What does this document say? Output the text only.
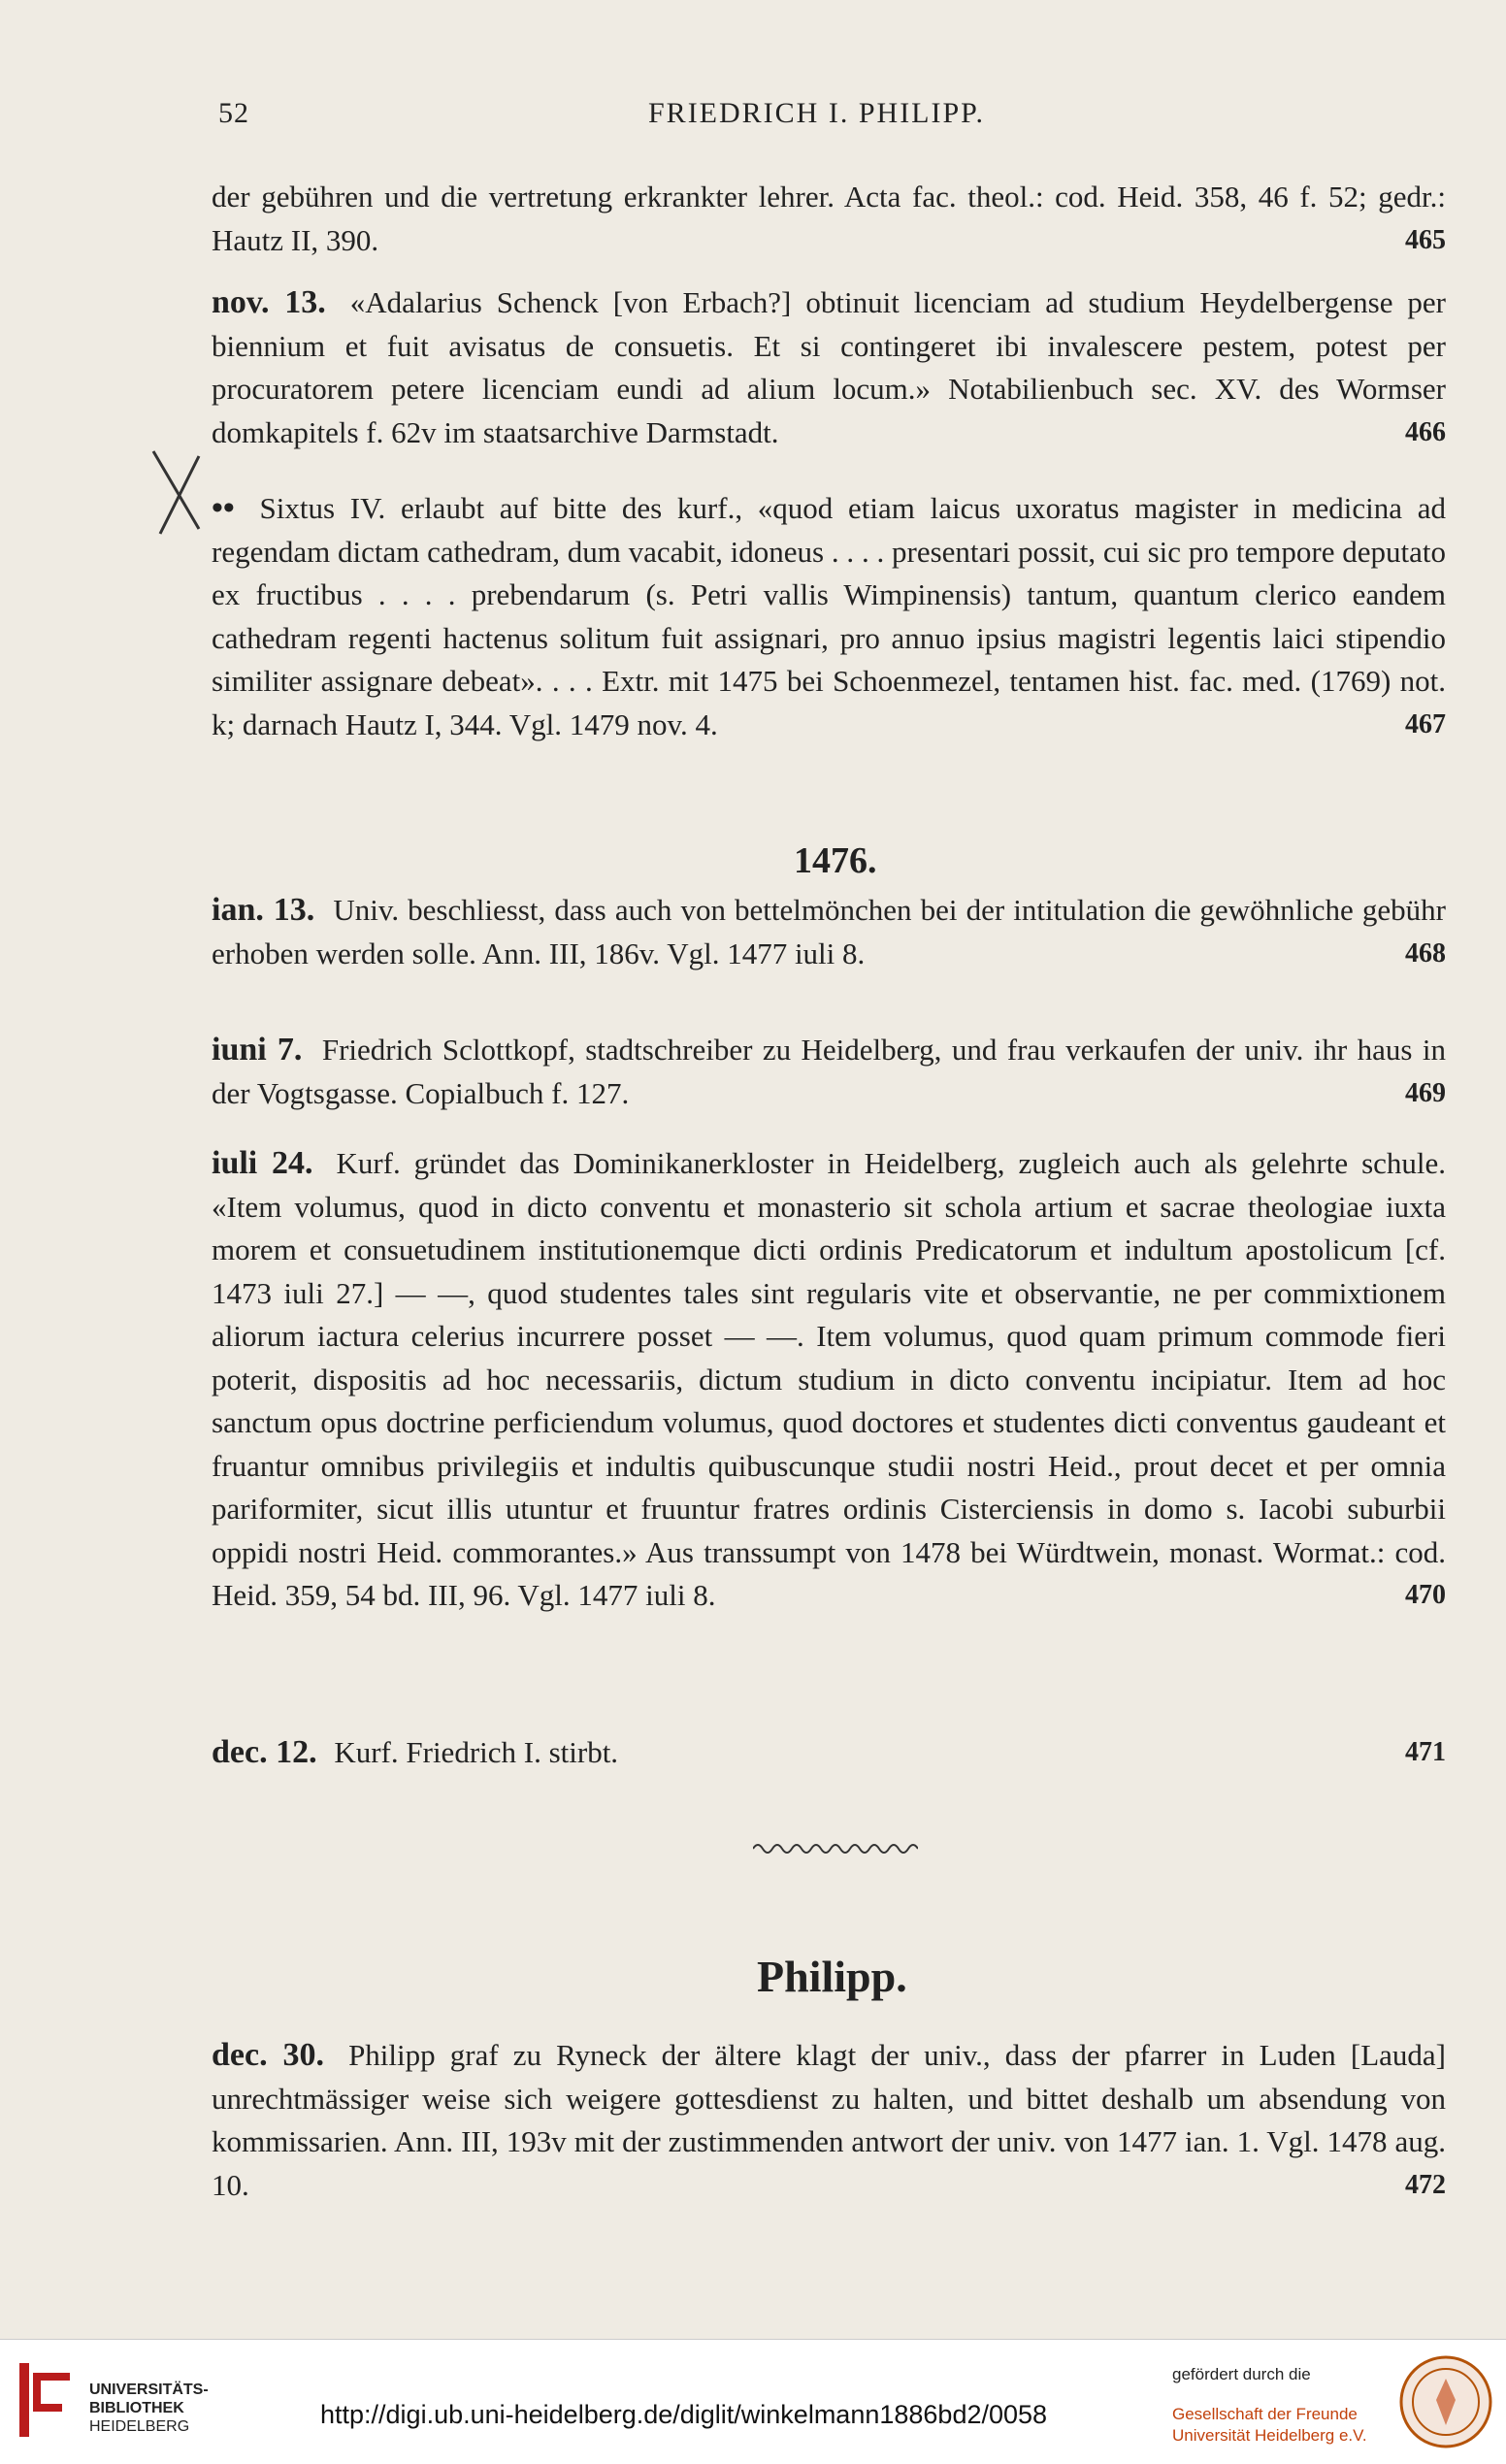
52	FRIEDRICH I. PHILIPP.
der gebühren und die vertretung erkrankter lehrer. Acta fac. theol.: cod. Heid. 358, 46 f. 52; gedr.: Hautz II, 390.	465
nov. 13. «Adalarius Schenck [von Erbach?] obtinuit licenciam ad studium Heydelbergense per biennium et fuit avisatus de consuetis. Et si contingeret ibi invalescere pestem, potest per procuratorem petere licenciam eundi ad alium locum.» Notabilienbuch sec. XV. des Wormser domkapitels f. 62v im staatsarchive Darmstadt.	466
•• Sixtus IV. erlaubt auf bitte des kurf., «quod etiam laicus uxoratus magister in medicina ad regendam dictam cathedram, dum vacabit, idoneus . . . . presentari possit, cui sic pro tempore deputato ex fructibus . . . . prebendarum (s. Petri vallis Wimpinensis) tantum, quantum clerico eandem cathedram regenti hactenus solitum fuit assignari, pro annuo ipsius magistri legentis laici stipendio similiter assignare debeat». . . . Extr. mit 1475 bei Schoenmezel, tentamen hist. fac. med. (1769) not. k; darnach Hautz I, 344. Vgl. 1479 nov. 4.	467
1476.
ian. 13. Univ. beschliesst, dass auch von bettelmönchen bei der intitulation die gewöhnliche gebühr erhoben werden solle. Ann. III, 186v. Vgl. 1477 iuli 8.	468
iuni 7. Friedrich Sclottkopf, stadtschreiber zu Heidelberg, und frau verkaufen der univ. ihr haus in der Vogtsgasse. Copialbuch f. 127.	469
iuli 24. Kurf. gründet das Dominikanerkloster in Heidelberg, zugleich auch als gelehrte schule. «Item volumus, quod in dicto conventu et monasterio sit schola artium et sacrae theologiae iuxta morem et consuetudinem institutionemque dicti ordinis Predicatorum et indultum apostolicum [cf. 1473 iuli 27.] — —, quod studentes tales sint regularis vite et observantie, ne per commixtionem aliorum iactura celerius incurrere posset — —. Item volumus, quod quam primum commode fieri poterit, dispositis ad hoc necessariis, dictum studium in dicto conventu incipiatur. Item ad hoc sanctum opus doctrine perficiendum volumus, quod doctores et studentes dicti conventus gaudeant et fruantur omnibus privilegiis et indultis quibuscunque studii nostri Heid., prout decet et per omnia pariformiter, sicut illis utuntur et fruuntur fratres ordinis Cisterciensis in domo s. Iacobi suburbii oppidi nostri Heid. commorantes.» Aus transsumpt von 1478 bei Würdtwein, monast. Wormat.: cod. Heid. 359, 54 bd. III, 96. Vgl. 1477 iuli 8.	470
dec. 12. Kurf. Friedrich I. stirbt.	471
Philipp.
dec. 30. Philipp graf zu Ryneck der ältere klagt der univ., dass der pfarrer in Luden [Lauda] unrechtmässiger weise sich weigere gottesdienst zu halten, und bittet deshalb um absendung von kommissarien. Ann. III, 193v mit der zustimmenden antwort der univ. von 1477 ian. 1. Vgl. 1478 aug. 10.	472
UNIVERSITÄTS-
BIBLIOTHEK
HEIDELBERG	http://digi.ub.uni-heidelberg.de/diglit/winkelmann1886bd2/0058
gefördert durch die
Gesellschaft der Freunde
Universität Heidelberg e.V.
